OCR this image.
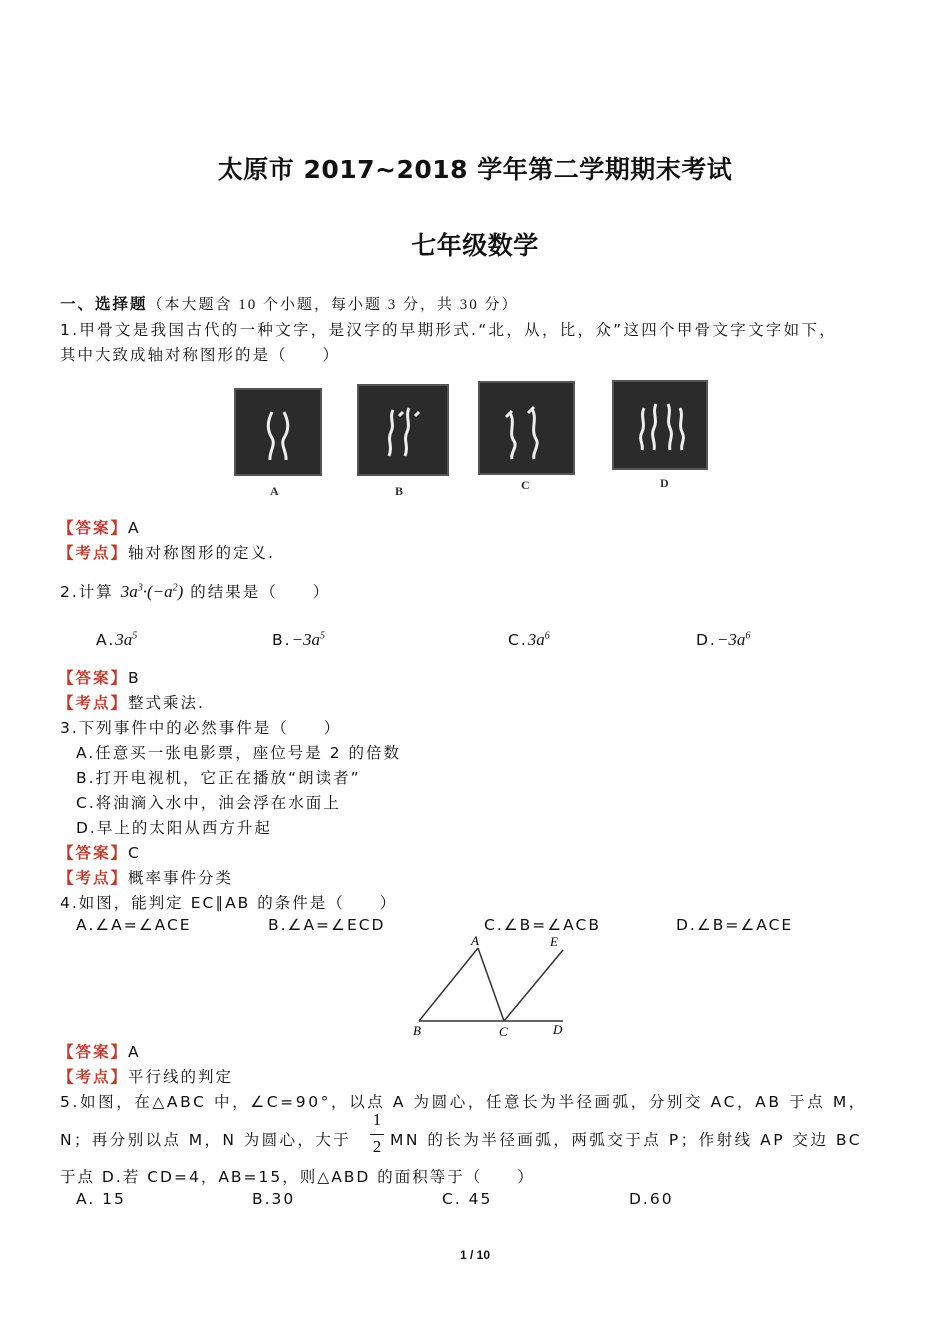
太原市 2017~2018 学年第二学期期末考试
七年级数学
一、选择题（本大题含 10 个小题，每小题 3 分，共 30 分）
1.甲骨文是我国古代的一种文字，是汉字的早期形式.“北，从，比，众”这四个甲骨文字文字如下，
其中大致成轴对称图形的是（　　）
A	B	C	D
【答案】A
【考点】轴对称图形的定义.
2.计算 $3a^3\cdot(-a^2)$ 的结果是（　　）
$A.3a^5$	$B.-3a^5$	$C.3a^6$	$D.-3a^6$
【答案】B
【考点】整式乘法.
3.下列事件中的必然事件是（　　）
A.任意买一张电影票，座位号是 2 的倍数
B.打开电视机，它正在播放“朗读者”
C.将油滴入水中，油会浮在水面上
D.早上的太阳从西方升起
【答案】C
【考点】概率事件分类
4.如图，能判定 EC∥AB 的条件是（　　）
A.∠A=∠ACE	B.∠A=∠ECD	C.∠B=∠ACB	D.∠B=∠ACE
A	E
B	C	D
【答案】A
【考点】平行线的判定
5.如图，在△ABC 中，∠C=90°，以点 A 为圆心，任意长为半径画弧，分别交 AC，AB 于点 M，
N；再分别以点 M，N 为圆心，大于
1
2 MN 的长为半径画弧，两弧交于点 P；作射线 AP 交边 BC
于点 D.若 CD=4，AB=15，则△ABD 的面积等于（　　）
A. 15	B.30	C. 45	D.60
1 / 10
